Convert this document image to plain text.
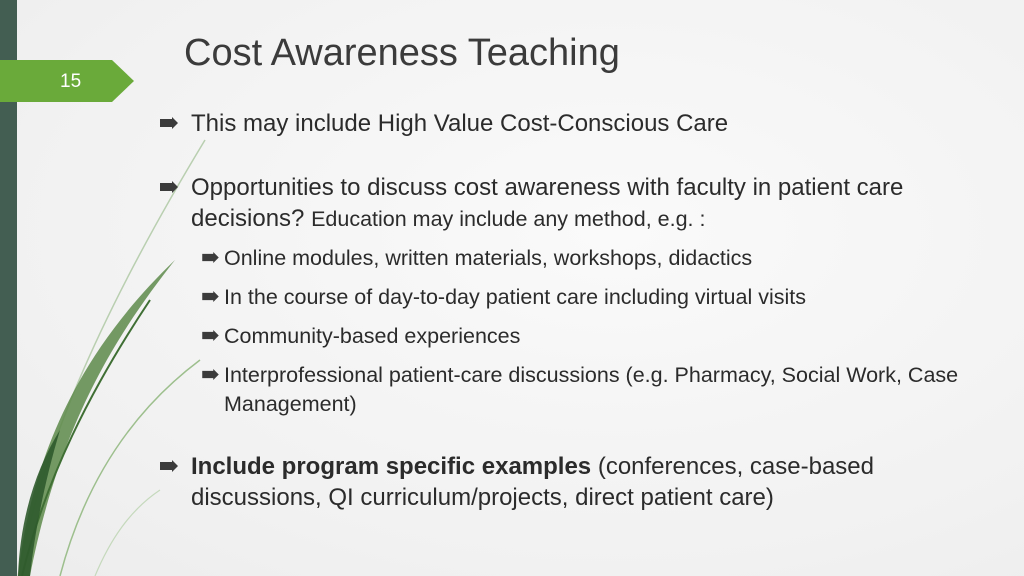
15
Cost Awareness Teaching
This may include High Value Cost-Conscious Care
Opportunities to discuss cost awareness with faculty in patient care decisions? Education may include any method, e.g. :
Online modules, written materials, workshops, didactics
In the course of day-to-day patient care including virtual visits
Community-based experiences
Interprofessional patient-care discussions (e.g. Pharmacy, Social Work, Case Management)
Include program specific examples (conferences, case-based discussions, QI curriculum/projects, direct patient care)
